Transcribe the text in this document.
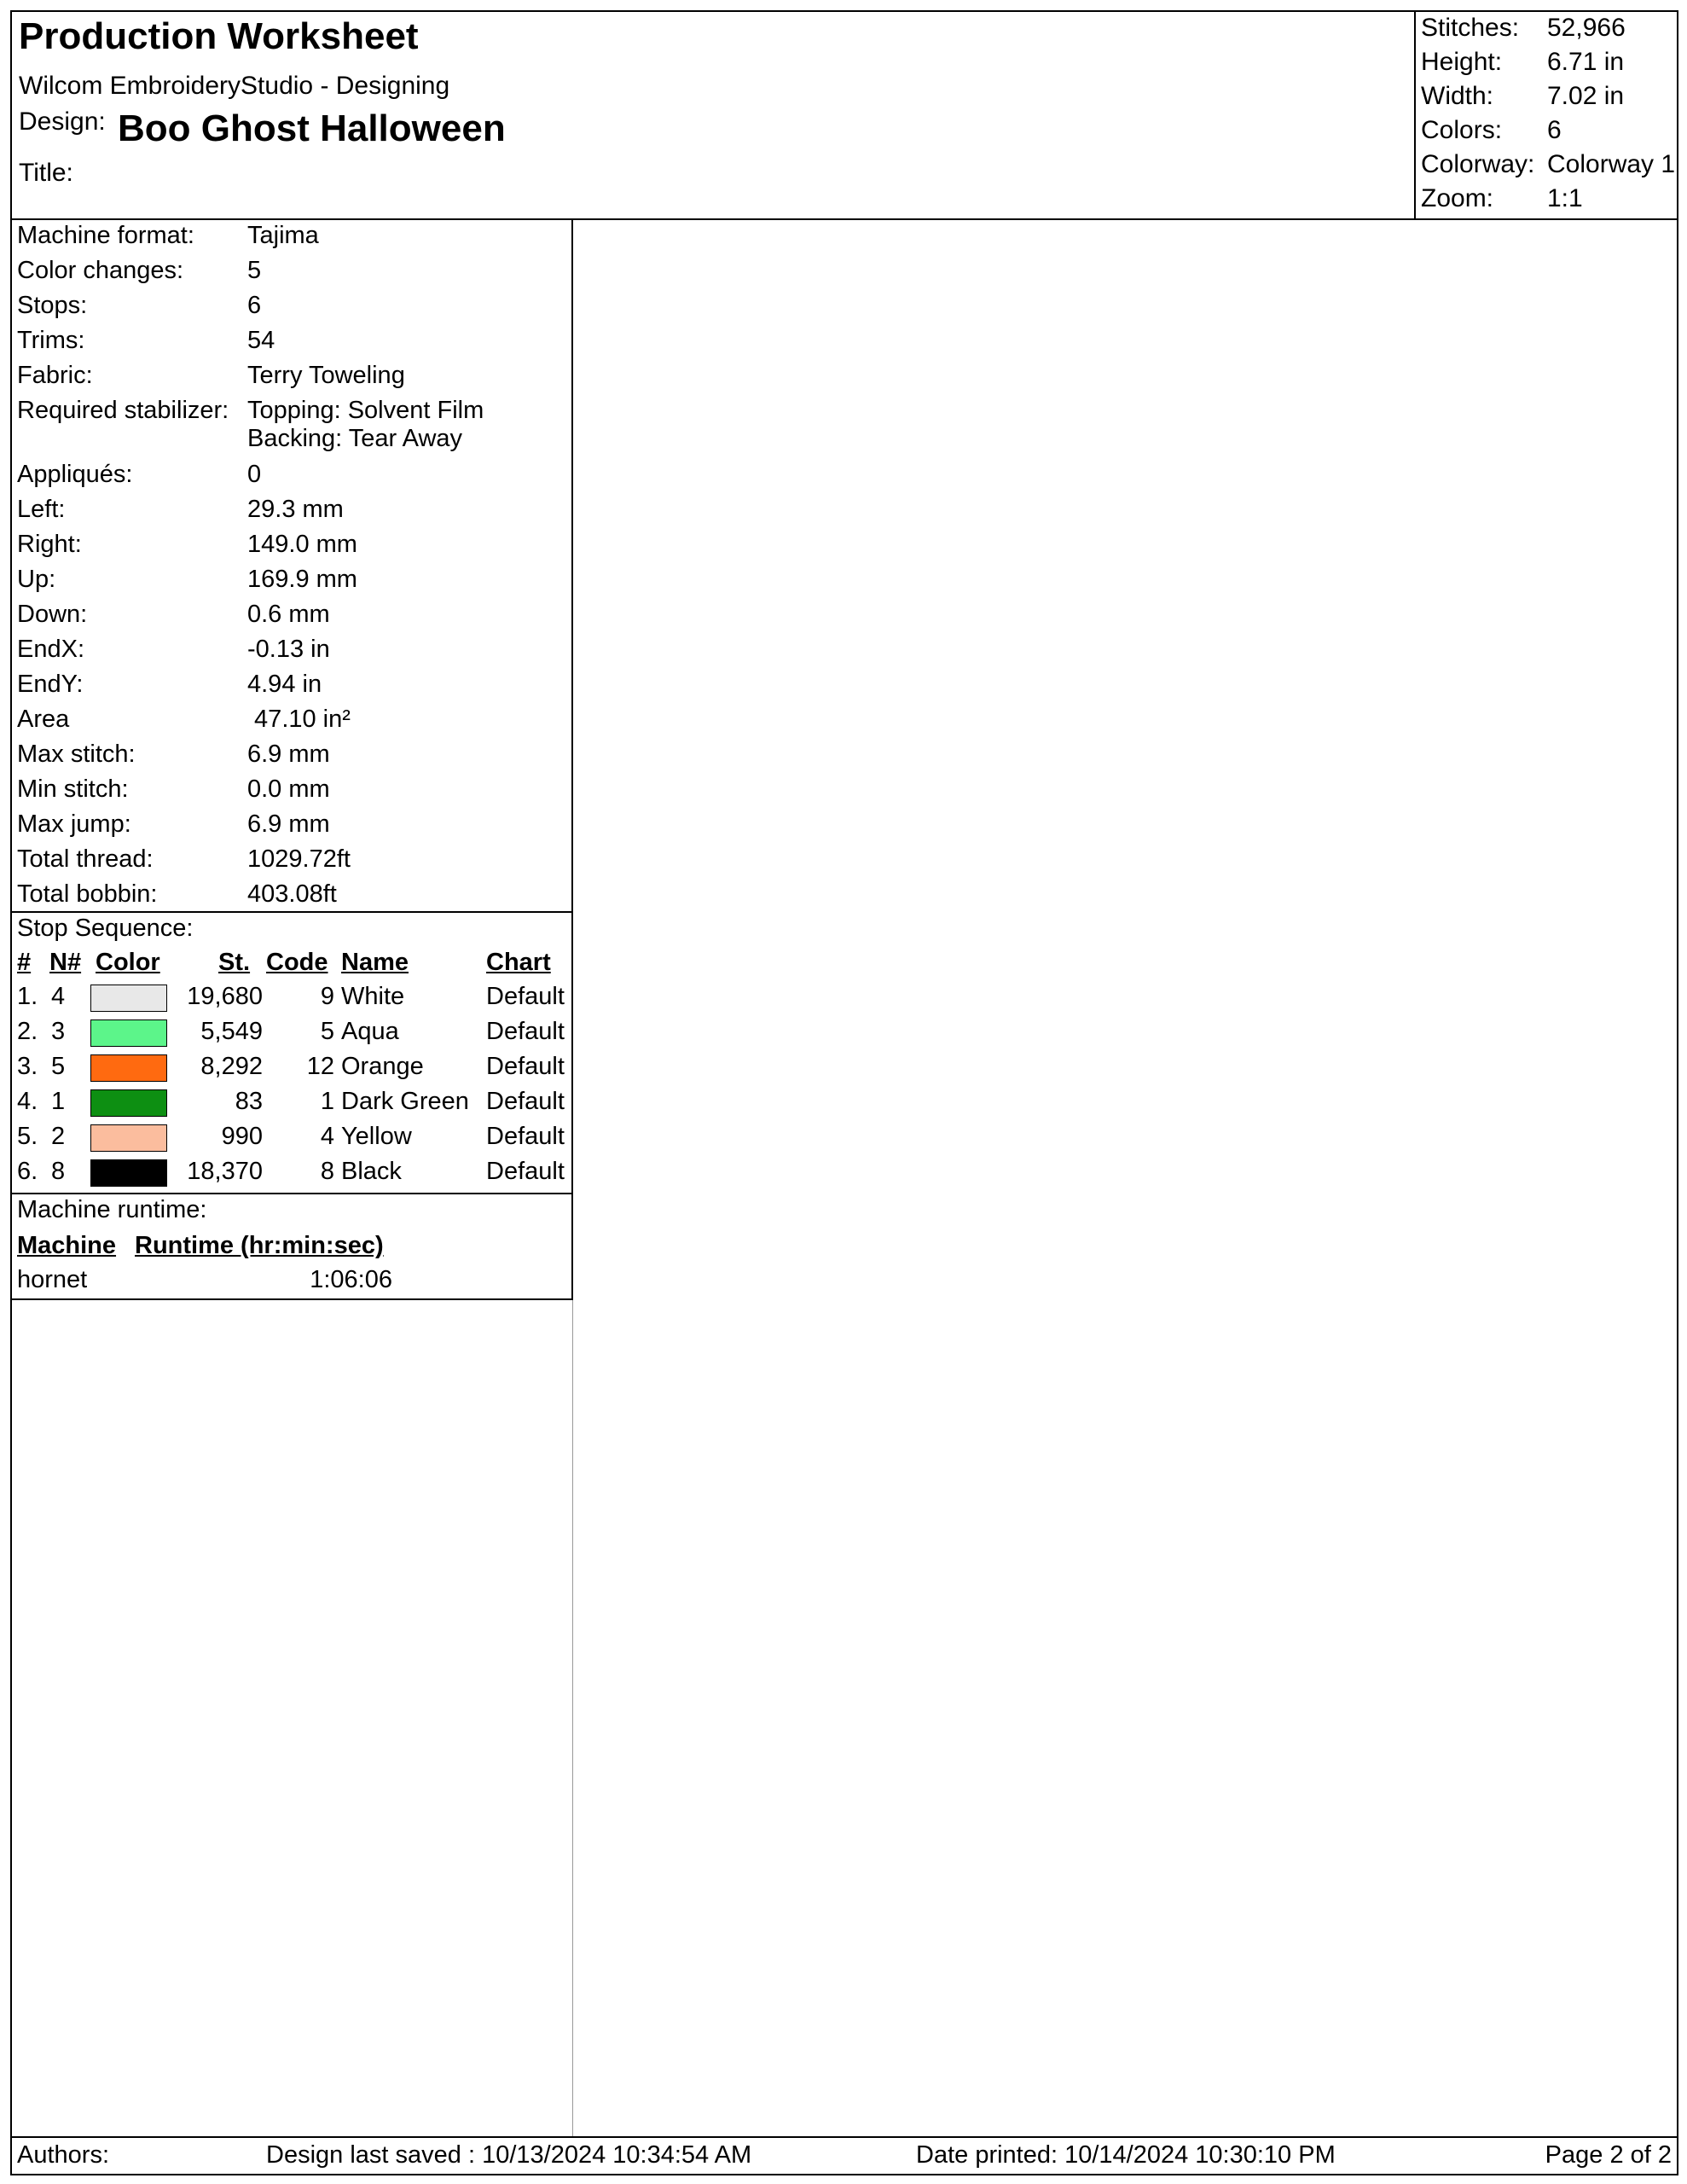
Production Worksheet
Wilcom EmbroideryStudio - Designing
Design: Boo Ghost Halloween
Title:
Stitches: 52,966
Height: 6.71 in
Width: 7.02 in
Colors: 6
Colorway: Colorway 1
Zoom: 1:1
Machine format: Tajima
Color changes:	5
Stops:	6
Trims:	54
Fabric:	Terry Toweling
Required stabilizer: Topping: Solvent Film
Backing: Tear Away
Appliqués:	0
Left:	29.3 mm
Right:	149.0 mm
Up:	169.9 mm
Down:	0.6 mm
EndX:	-0.13 in
EndY:	4.94 in
Area	47.10 in²
Max stitch:	6.9 mm
Min stitch:	0.0 mm
Max jump:	6.9 mm
Total thread:	1029.72ft
Total bobbin:	403.08ft
Stop Sequence:
# N# Color St. Code Name	Chart
1. 4	19,680 9 White	Default
2. 3	5,549 5 Aqua	Default
3. 5	8,292 12 Orange	Default
4. 1	83 1 Dark Green Default
5. 2	990 4 Yellow	Default
6. 8	18,370 8 Black	Default
Machine runtime:
Machine Runtime (hr:min:sec)
hornet	1:06:06
Authors:	Design last saved : 10/13/2024 10:34:54 AM	Date printed: 10/14/2024 10:30:10 PM	Page 2 of 2
